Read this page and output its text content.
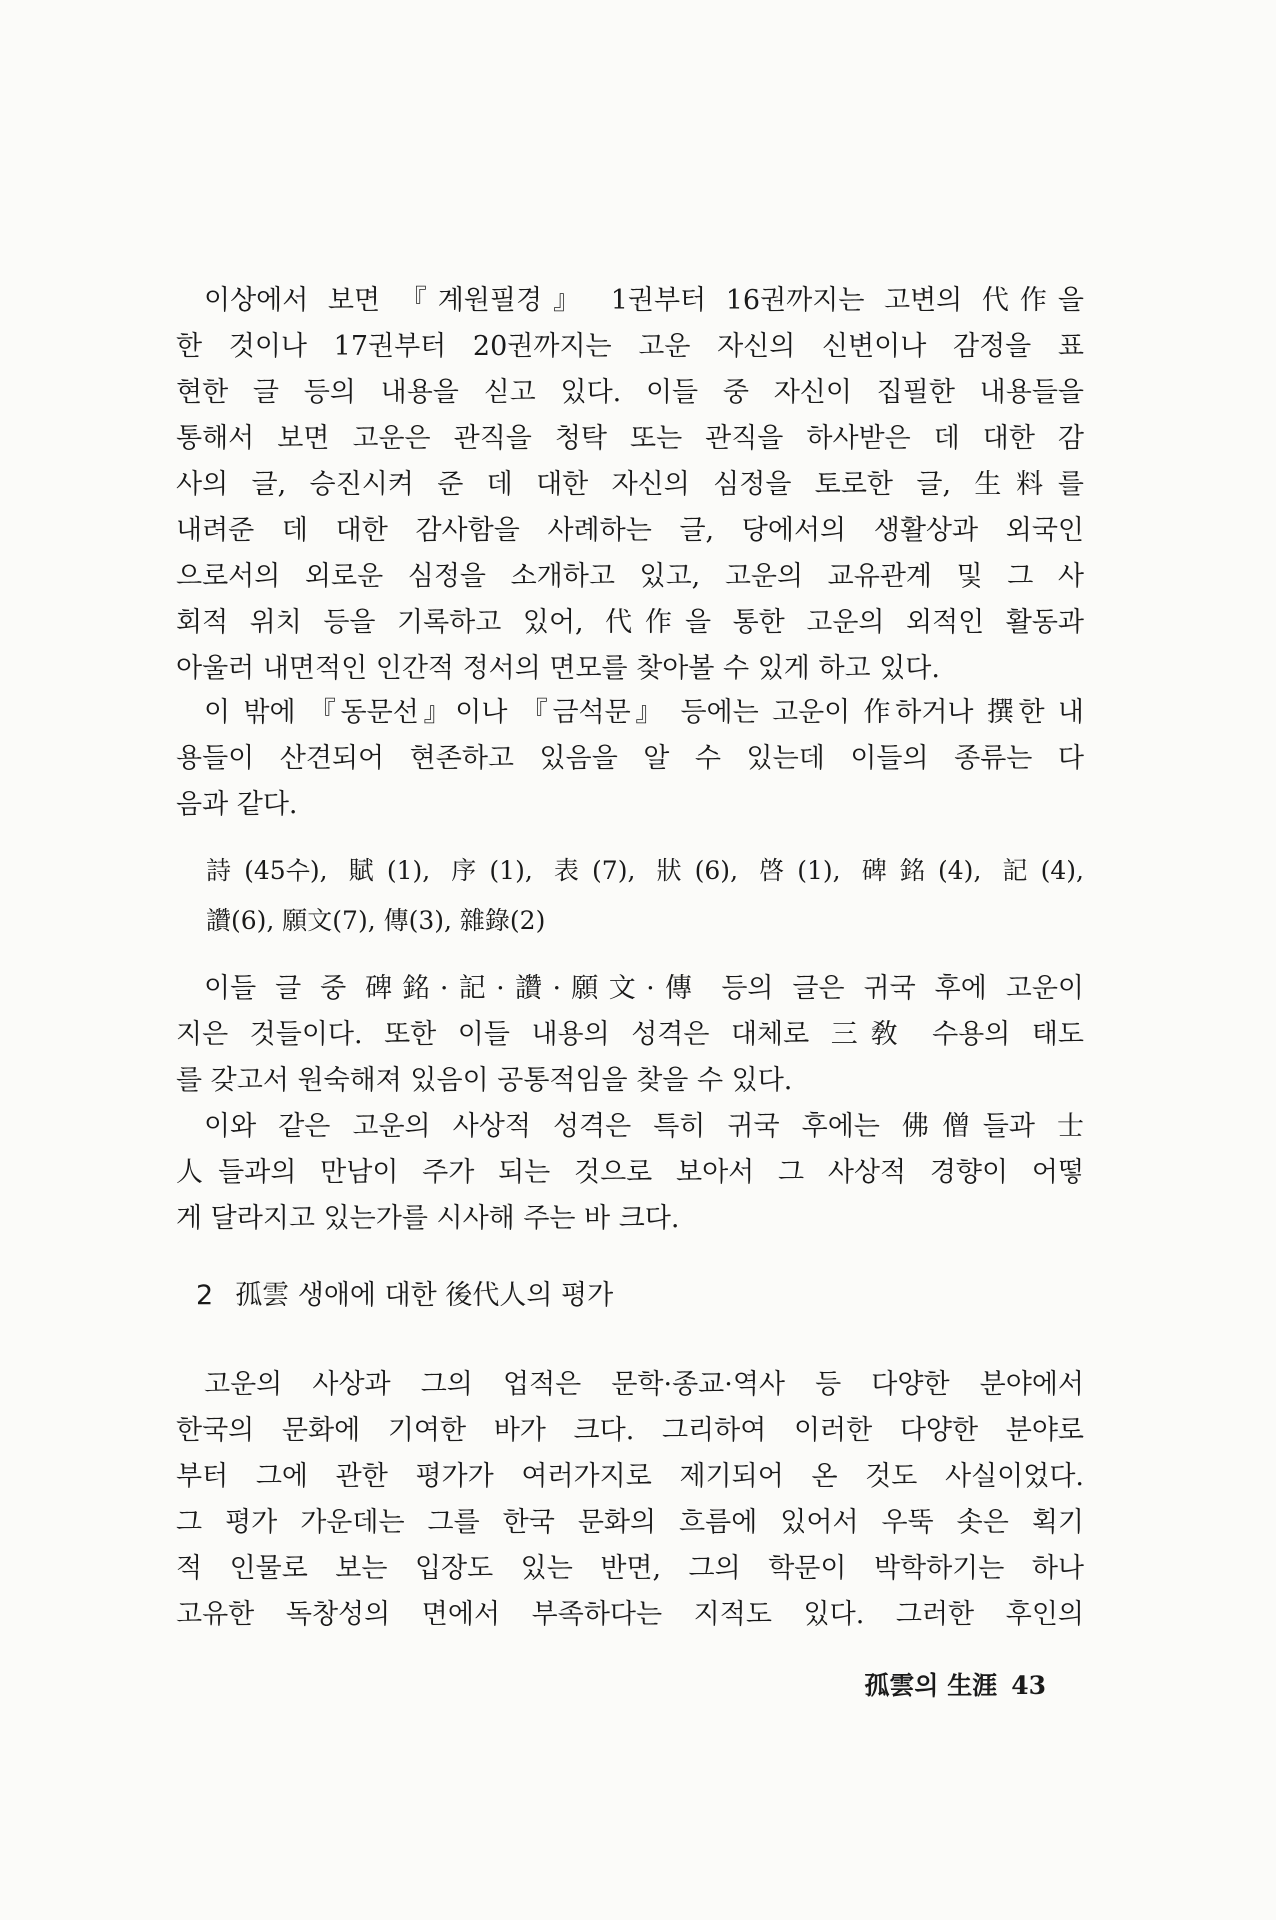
이상에서 보면 『계원필경』 1권부터 16권까지는 고변의 代作을
한 것이나 17권부터 20권까지는 고운 자신의 신변이나 감정을 표
현한 글 등의 내용을 싣고 있다. 이들 중 자신이 집필한 내용들을
통해서 보면 고운은 관직을 청탁 또는 관직을 하사받은 데 대한 감
사의 글, 승진시켜 준 데 대한 자신의 심정을 토로한 글, 生料를
내려준 데 대한 감사함을 사례하는 글, 당에서의 생활상과 외국인
으로서의 외로운 심정을 소개하고 있고, 고운의 교유관계 및 그 사
회적 위치 등을 기록하고 있어, 代作을 통한 고운의 외적인 활동과
아울러 내면적인 인간적 정서의 면모를 찾아볼 수 있게 하고 있다.
이 밖에 『동문선』이나 『금석문』 등에는 고운이 作하거나 撰한 내
용들이 산견되어 현존하고 있음을 알 수 있는데 이들의 종류는 다
음과 같다.
詩(45수), 賦(1), 序(1), 表(7), 狀(6), 啓(1), 碑銘(4), 記(4),
讚(6), 願文(7), 傳(3), 雜錄(2)
이들 글 중 碑銘·記·讚·願文·傳 등의 글은 귀국 후에 고운이
지은 것들이다. 또한 이들 내용의 성격은 대체로 三敎 수용의 태도
를 갖고서 원숙해져 있음이 공통적임을 찾을 수 있다.
이와 같은 고운의 사상적 성격은 특히 귀국 후에는 佛僧들과 士
人들과의 만남이 주가 되는 것으로 보아서 그 사상적 경향이 어떻
게 달라지고 있는가를 시사해 주는 바 크다.
2 孤雲 생애에 대한 後代人의 평가
고운의 사상과 그의 업적은 문학·종교·역사 등 다양한 분야에서
한국의 문화에 기여한 바가 크다. 그리하여 이러한 다양한 분야로
부터 그에 관한 평가가 여러가지로 제기되어 온 것도 사실이었다.
그 평가 가운데는 그를 한국 문화의 흐름에 있어서 우뚝 솟은 획기
적 인물로 보는 입장도 있는 반면, 그의 학문이 박학하기는 하나
고유한 독창성의 면에서 부족하다는 지적도 있다. 그러한 후인의
孤雲의 生涯 43
